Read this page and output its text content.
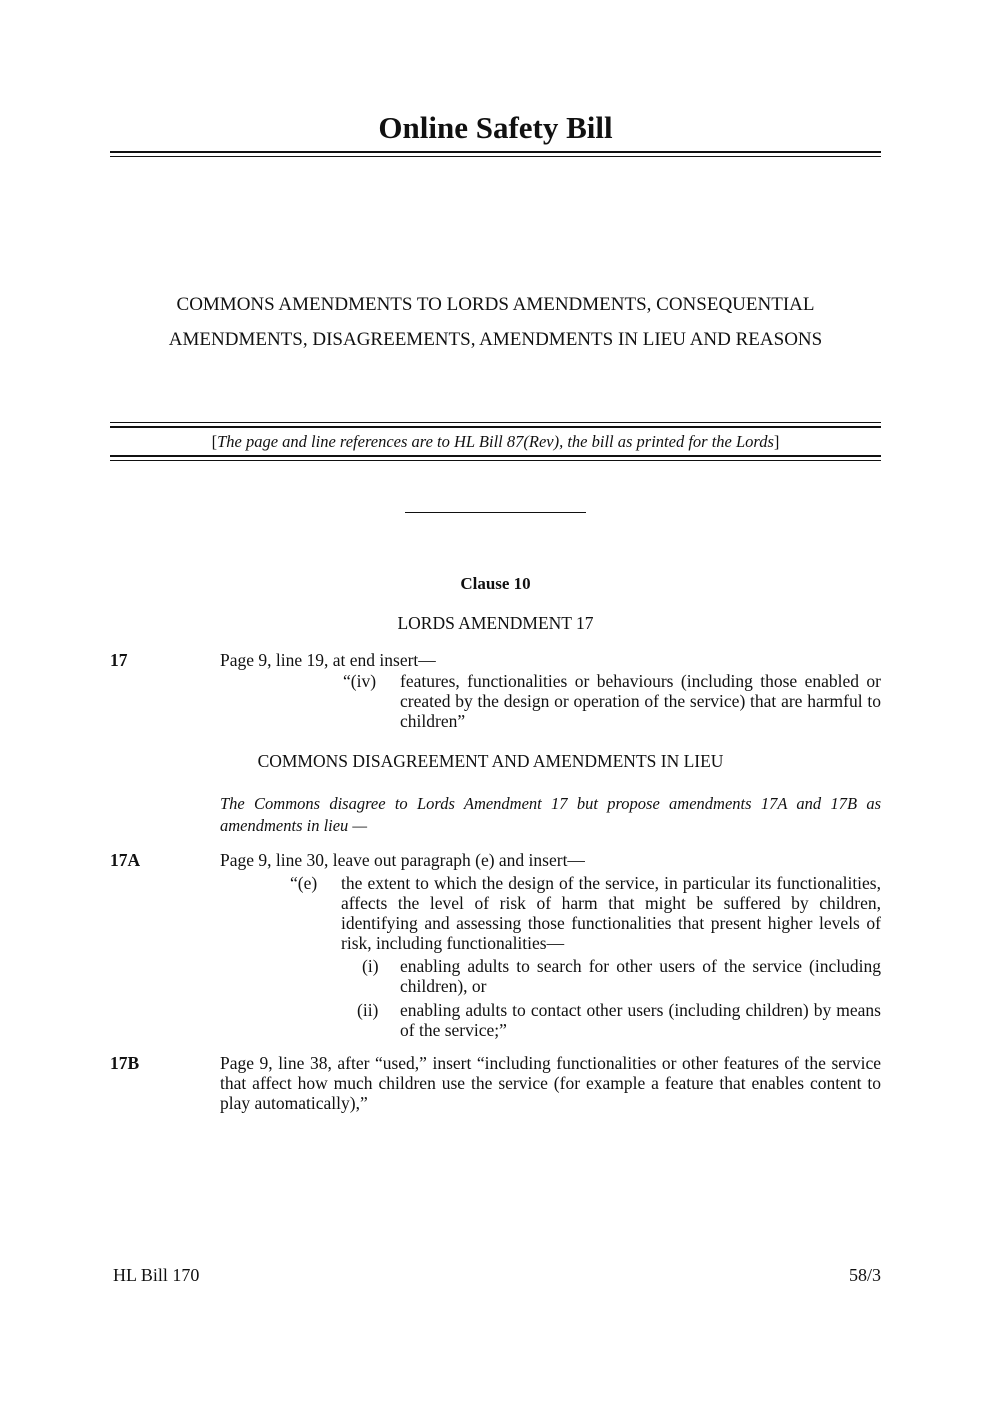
Online Safety Bill
COMMONS AMENDMENTS TO LORDS AMENDMENTS, CONSEQUENTIAL
AMENDMENTS, DISAGREEMENTS, AMENDMENTS IN LIEU AND REASONS
[The page and line references are to HL Bill 87(Rev), the bill as printed for the Lords]
Clause 10
LORDS AMENDMENT 17
17	Page 9, line 19, at end insert—
“(iv) features, functionalities or behaviours (including those enabled or created by the design or operation of the service) that are harmful to children”

COMMONS DISAGREEMENT AND AMENDMENTS IN LIEU

The Commons disagree to Lords Amendment 17 but propose amendments 17A and 17B as amendments in lieu —

17A	Page 9, line 30, leave out paragraph (e) and insert—
“(e) the extent to which the design of the service, in particular its functionalities, affects the level of risk of harm that might be suffered by children, identifying and assessing those functionalities that present higher levels of risk, including functionalities—

(i) enabling adults to search for other users of the service (including children), or

(ii) enabling adults to contact other users (including children) by means of the service;”

17B	Page 9, line 38, after “used,” insert “including functionalities or other features of the service that affect how much children use the service (for example a feature that enables content to play automatically),”

HL Bill 170	58/3
